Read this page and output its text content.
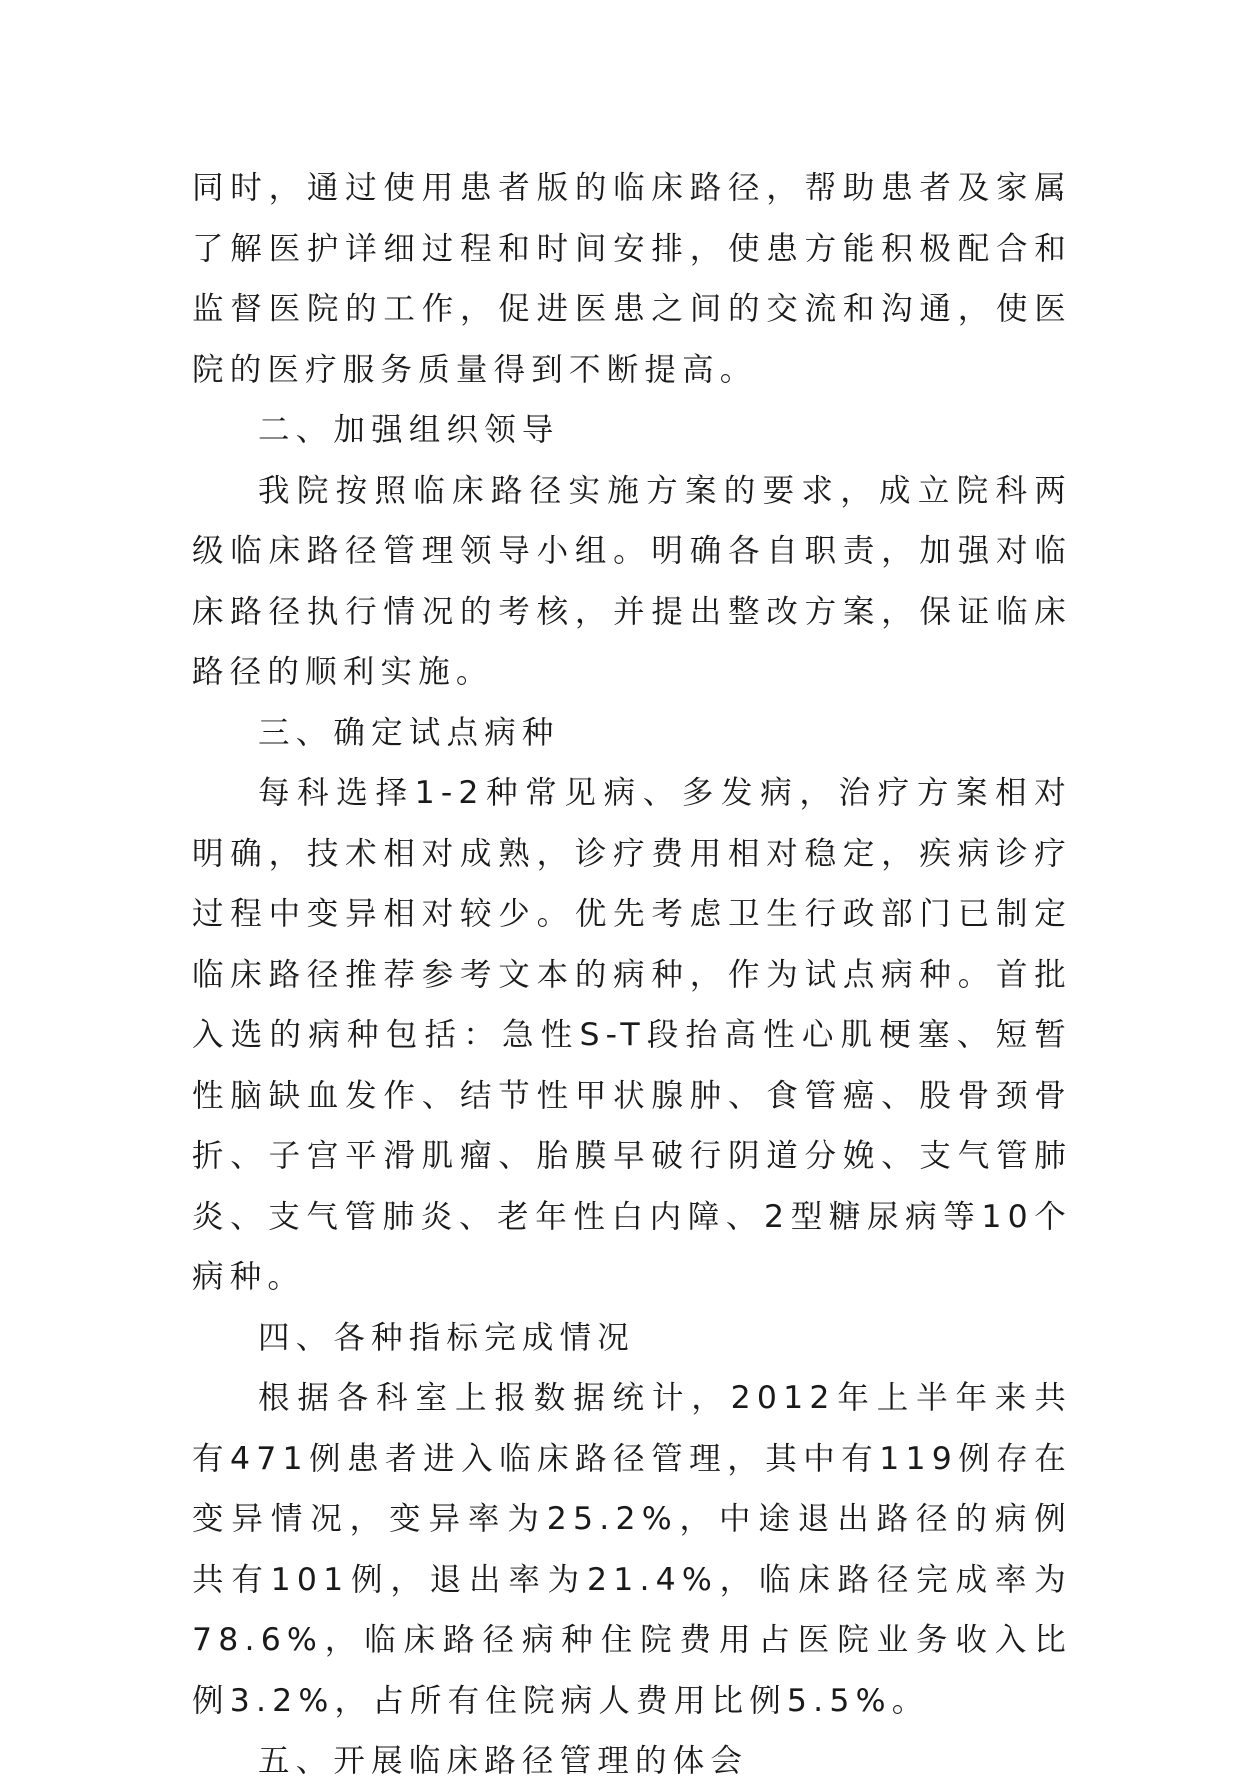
同时，通过使用患者版的临床路径，帮助患者及家属了解医护详细过程和时间安排，使患方能积极配合和监督医院的工作，促进医患之间的交流和沟通，使医院的医疗服务质量得到不断提高。

二、加强组织领导

我院按照临床路径实施方案的要求，成立院科两级临床路径管理领导小组。明确各自职责，加强对临床路径执行情况的考核，并提出整改方案，保证临床路径的顺利实施。

三、确定试点病种

每科选择1-2种常见病、多发病，治疗方案相对明确，技术相对成熟，诊疗费用相对稳定，疾病诊疗过程中变异相对较少。优先考虑卫生行政部门已制定临床路径推荐参考文本的病种，作为试点病种。首批入选的病种包括：急性S-T段抬高性心肌梗塞、短暂性脑缺血发作、结节性甲状腺肿、食管癌、股骨颈骨折、子宫平滑肌瘤、胎膜早破行阴道分娩、支气管肺炎、支气管肺炎、老年性白内障、2型糖尿病等10个病种。

四、各种指标完成情况

根据各科室上报数据统计，2012年上半年来共有471例患者进入临床路径管理，其中有119例存在变异情况，变异率为25.2%，中途退出路径的病例共有101例，退出率为21.4%，临床路径完成率为78.6%，临床路径病种住院费用占医院业务收入比例3.2%，占所有住院病人费用比例5.5%。

五、开展临床路径管理的体会
